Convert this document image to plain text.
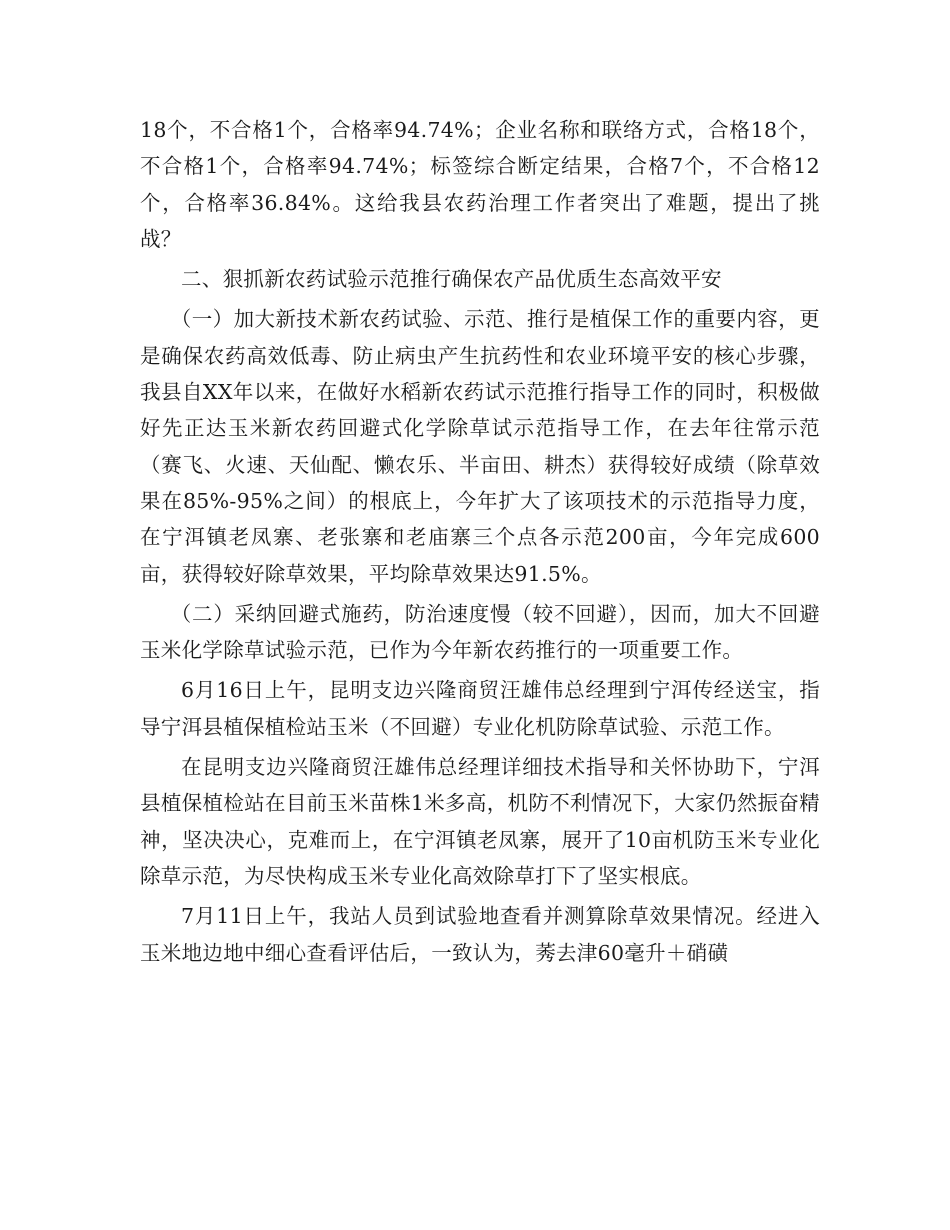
18个，不合格1个，合格率94.74%；企业名称和联络方式，合格18个，不合格1个，合格率94.74%；标签综合断定结果，合格7个，不合格12个，合格率36.84%。这给我县农药治理工作者突出了难题，提出了挑战？

二、狠抓新农药试验示范推行确保农产品优质生态高效平安

（一）加大新技术新农药试验、示范、推行是植保工作的重要内容，更是确保农药高效低毒、防止病虫产生抗药性和农业环境平安的核心步骤，我县自XX年以来，在做好水稻新农药试示范推行指导工作的同时，积极做好先正达玉米新农药回避式化学除草试示范指导工作，在去年往常示范（赛飞、火速、天仙配、懒农乐、半亩田、耕杰）获得较好成绩（除草效果在85%-95%之间）的根底上，今年扩大了该项技术的示范指导力度，在宁洱镇老凤寨、老张寨和老庙寨三个点各示范200亩，今年完成600亩，获得较好除草效果，平均除草效果达91.5%。

（二）采纳回避式施药，防治速度慢（较不回避），因而，加大不回避玉米化学除草试验示范，已作为今年新农药推行的一项重要工作。

6月16日上午，昆明支边兴隆商贸汪雄伟总经理到宁洱传经送宝，指导宁洱县植保植检站玉米（不回避）专业化机防除草试验、示范工作。

在昆明支边兴隆商贸汪雄伟总经理详细技术指导和关怀协助下，宁洱县植保植检站在目前玉米苗株1米多高，机防不利情况下，大家仍然振奋精神，坚决决心，克难而上，在宁洱镇老凤寨，展开了10亩机防玉米专业化除草示范，为尽快构成玉米专业化高效除草打下了坚实根底。

7月11日上午，我站人员到试验地查看并测算除草效果情况。经进入玉米地边地中细心查看评估后，一致认为，莠去津60毫升＋硝磺
